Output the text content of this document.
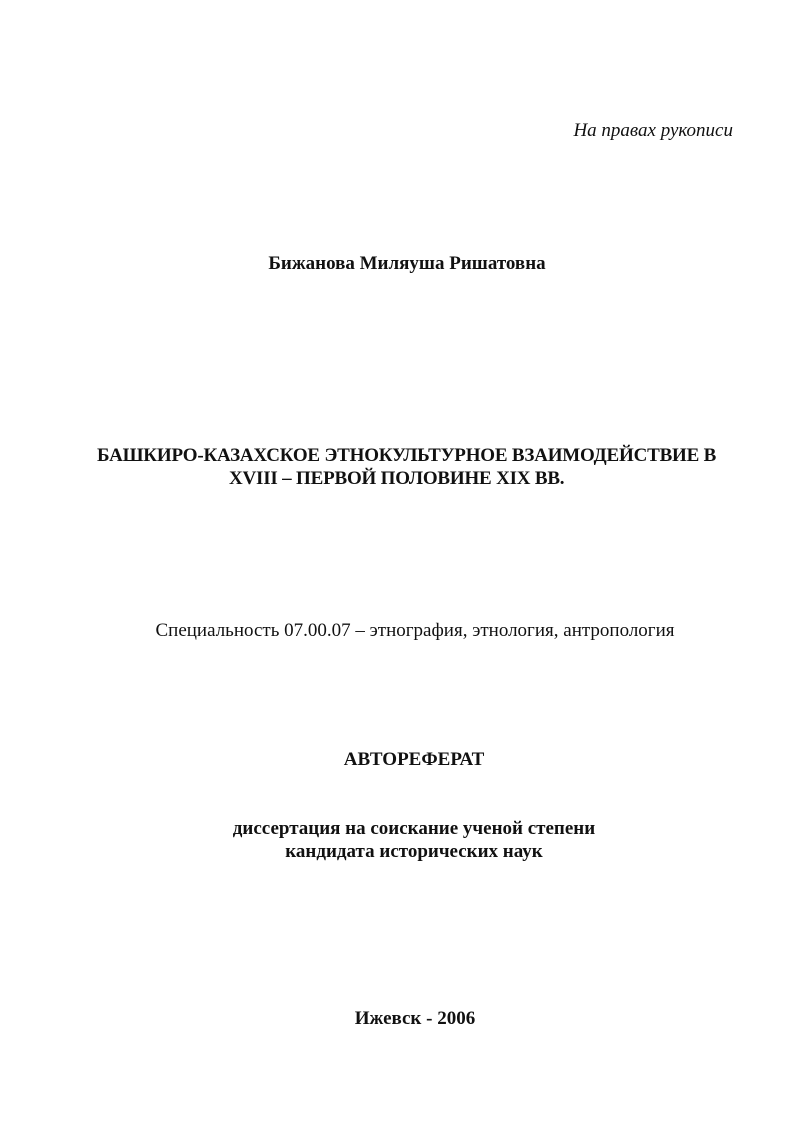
На правах рукописи
Бижанова Миляуша Ришатовна
БАШКИРО-КАЗАХСКОЕ ЭТНОКУЛЬТУРНОЕ ВЗАИМОДЕЙСТВИЕ В
XVIII – ПЕРВОЙ ПОЛОВИНЕ XIX ВВ.
Специальность 07.00.07 – этнография, этнология, антропология
АВТОРЕФЕРАТ
диссертация на соискание ученой степени
кандидата исторических наук
Ижевск - 2006
